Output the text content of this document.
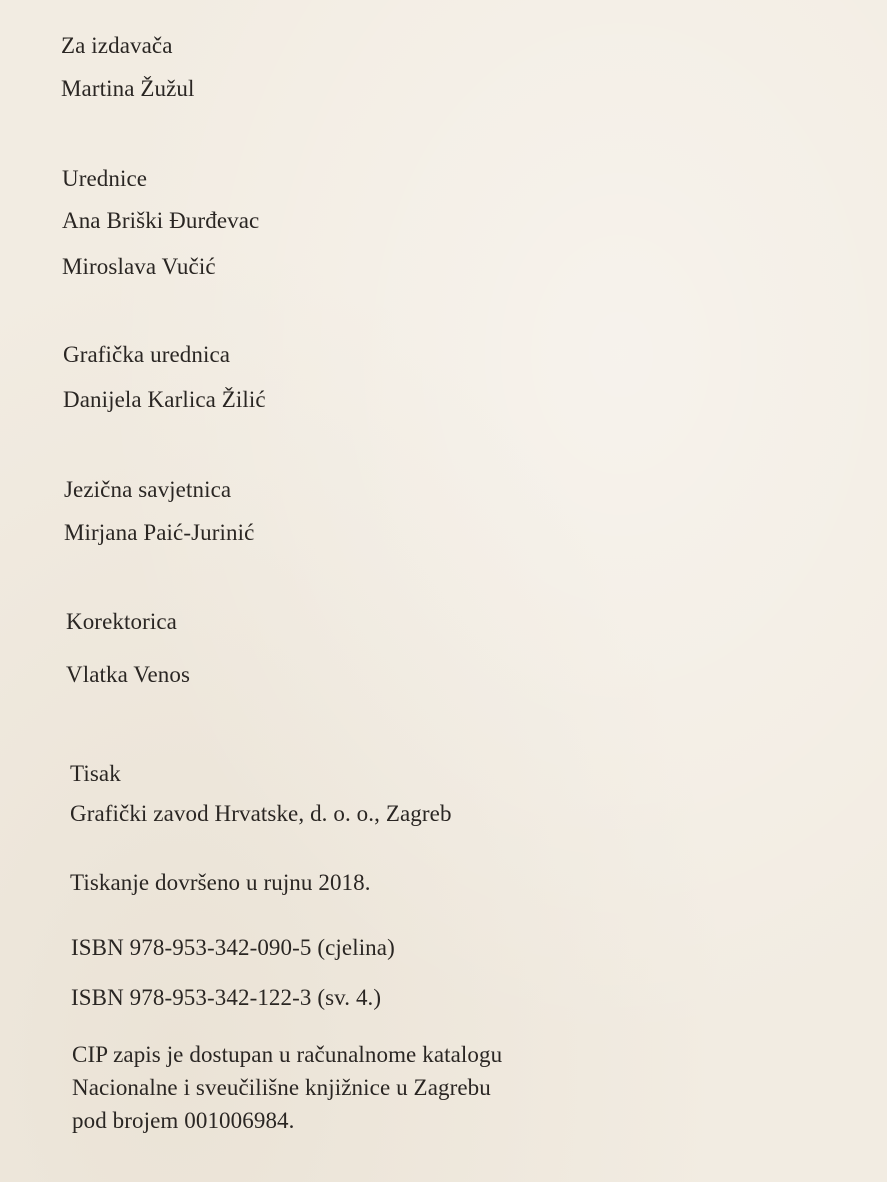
Za izdavača
Martina Žužul
Urednice
Ana Briški Đurđevac
Miroslava Vučić
Grafička urednica
Danijela Karlica Žilić
Jezična savjetnica
Mirjana Paić-Jurinić
Korektorica
Vlatka Venos
Tisak
Grafički zavod Hrvatske, d. o. o., Zagreb
Tiskanje dovršeno u rujnu 2018.
ISBN 978-953-342-090-5 (cjelina)
ISBN 978-953-342-122-3 (sv. 4.)
CIP zapis je dostupan u računalnome katalogu
Nacionalne i sveučilišne knjižnice u Zagrebu
pod brojem 001006984.
